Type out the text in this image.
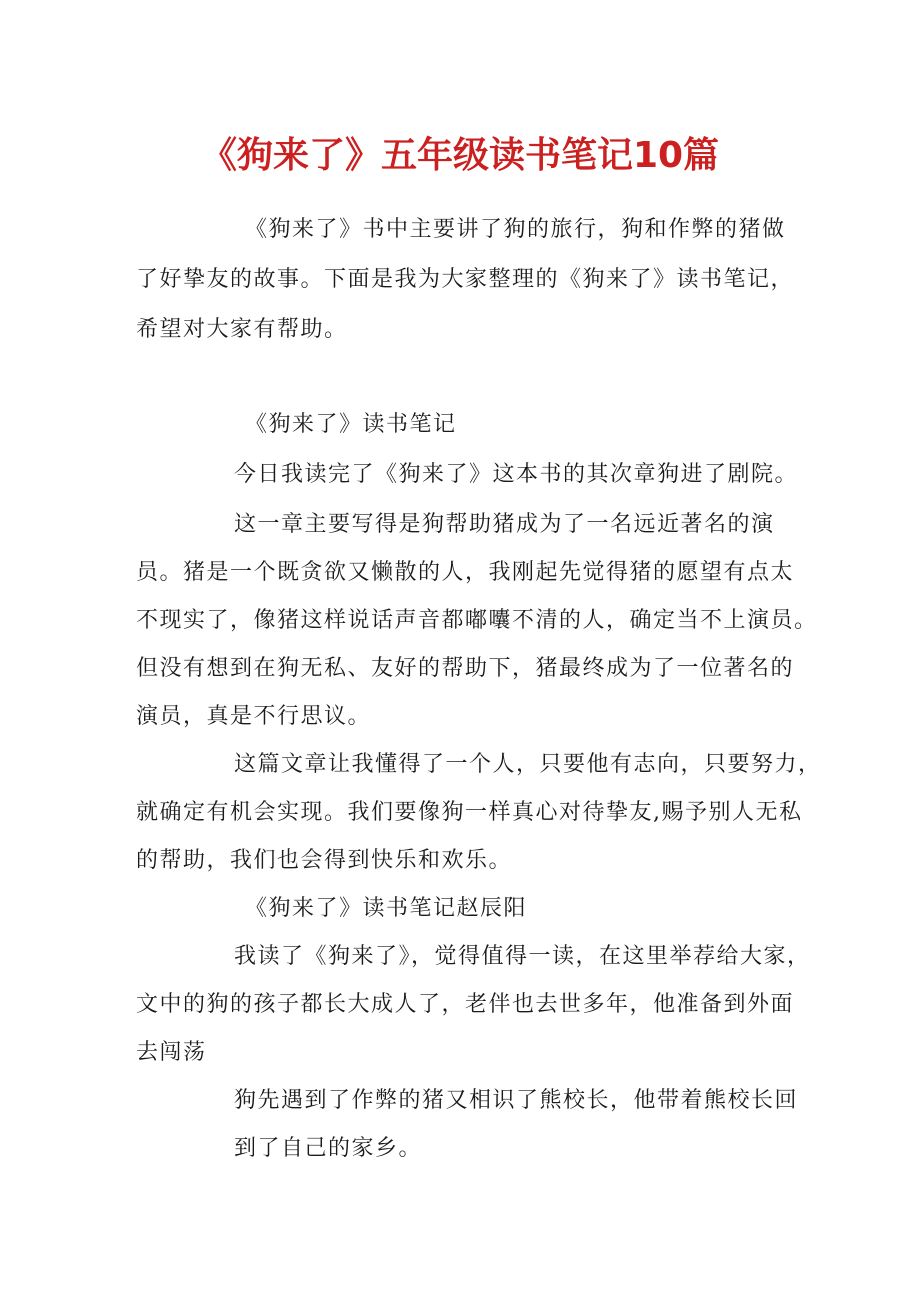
《狗来了》五年级读书笔记10篇

《狗来了》书中主要讲了狗的旅行，狗和作弊的猪做

了好挚友的故事。下面是我为大家整理的《狗来了》读书笔记，

希望对大家有帮助。

《狗来了》读书笔记

今日我读完了《狗来了》这本书的其次章狗进了剧院。

这一章主要写得是狗帮助猪成为了一名远近著名的演

员。猪是一个既贪欲又懒散的人，我刚起先觉得猪的愿望有点太

不现实了，像猪这样说话声音都嘟囔不清的人，确定当不上演员。

但没有想到在狗无私、友好的帮助下，猪最终成为了一位著名的

演员，真是不行思议。

这篇文章让我懂得了一个人，只要他有志向，只要努力，

就确定有机会实现。我们要像狗一样真心对待挚友,赐予别人无私

的帮助，我们也会得到快乐和欢乐。

《狗来了》读书笔记赵辰阳

我读了《狗来了》，觉得值得一读，在这里举荐给大家，

文中的狗的孩子都长大成人了，老伴也去世多年，他准备到外面

去闯荡

狗先遇到了作弊的猪又相识了熊校长，他带着熊校长回

到了自己的家乡。
